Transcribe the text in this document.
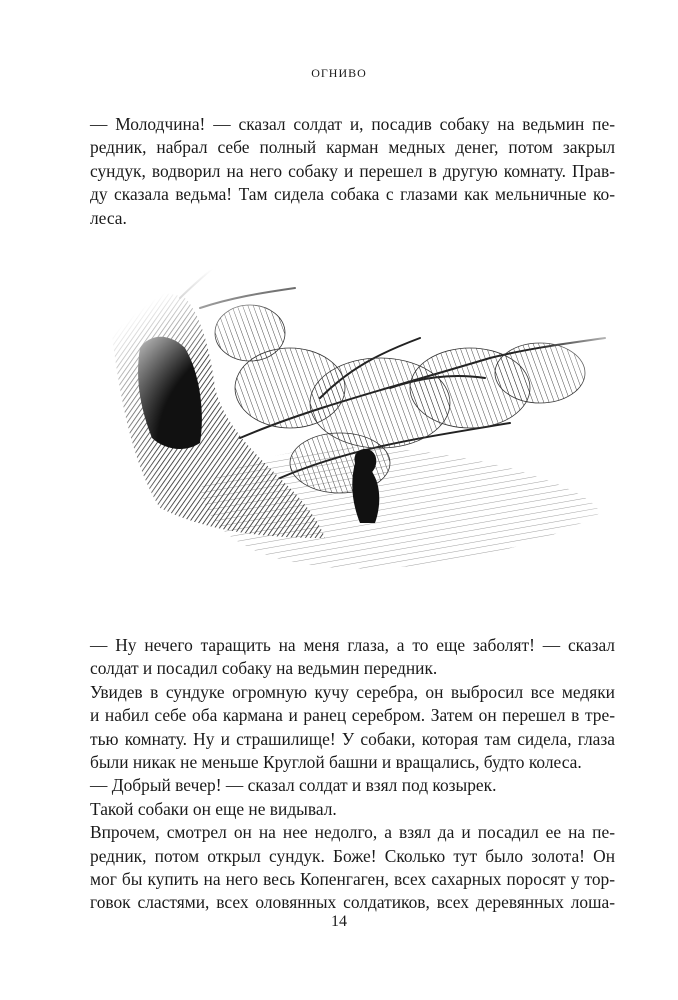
ОГНИВО

— Молодчина! — сказал солдат и, посадив собаку на ведьмин пе-
редник, набрал себе полный карман медных денег, потом закрыл
сундук, водворил на него собаку и перешел в другую комнату. Прав-
ду сказала ведьма! Там сидела собака с глазами как мельничные ко-
леса.

— Ну нечего таращить на меня глаза, а то еще заболят! — сказал
солдат и посадил собаку на ведьмин передник.

Увидев в сундуке огромную кучу серебра, он выбросил все медяки
и набил себе оба кармана и ранец серебром. Затем он перешел в тре-
тью комнату. Ну и страшилище! У собаки, которая там сидела, глаза
были никак не меньше Круглой башни и вращались, будто колеса.

— Добрый вечер! — сказал солдат и взял под козырек.

Такой собаки он еще не видывал.

Впрочем, смотрел он на нее недолго, а взял да и посадил ее на пе-
редник, потом открыл сундук. Боже! Сколько тут было золота! Он
мог бы купить на него весь Копенгаген, всех сахарных поросят у тор-
говок сластями, всех оловянных солдатиков, всех деревянных лоша-

14
